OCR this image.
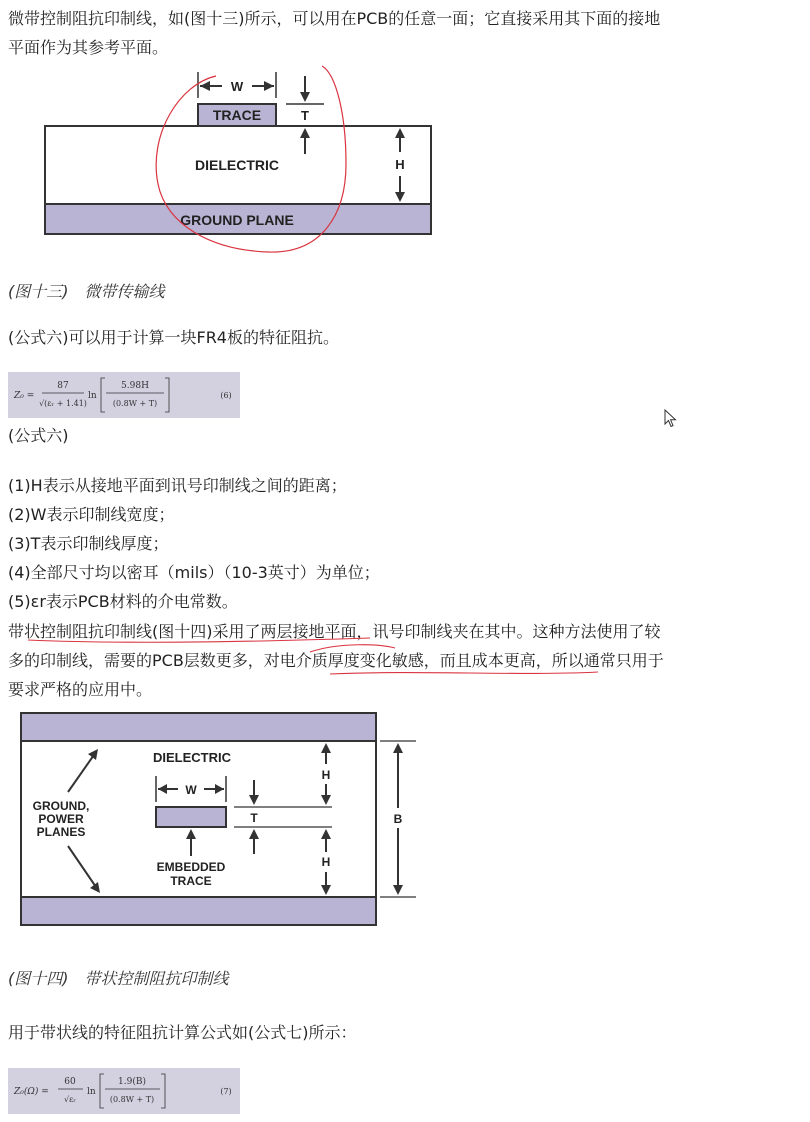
微带控制阻抗印制线，如(图十三)所示，可以用在PCB的任意一面；它直接采用其下面的接地
平面作为其参考平面。

W
TRACE	T
DIELECTRIC	H
GROUND PLANE

(图十三)　微带传输线

(公式六)可以用于计算一块FR4板的特征阻抗。

Z₀ =
87
√(εᵣ + 1.41)
ln
5.98H
(0.8W + T)
(6)

(公式六)

(1)H表示从接地平面到讯号印制线之间的距离；
(2)W表示印制线宽度；
(3)T表示印制线厚度；
(4)全部尺寸均以密耳（mils）（10-3英寸）为单位；
(5)εr表示PCB材料的介电常数。

带状控制阻抗印制线(图十四)采用了两层接地平面，讯号印制线夹在其中。这种方法使用了较
多的印制线，需要的PCB层数更多，对电介质厚度变化敏感，而且成本更高，所以通常只用于
要求严格的应用中。

DIELECTRIC
GROUND,
POWER
PLANES
W
T
H
H
B
EMBEDDED
TRACE

(图十四)　带状控制阻抗印制线

用于带状线的特征阻抗计算公式如(公式七)所示：

Z₀(Ω) =
60
√εᵣ
ln
1.9(B)
(0.8W + T)
(7)
